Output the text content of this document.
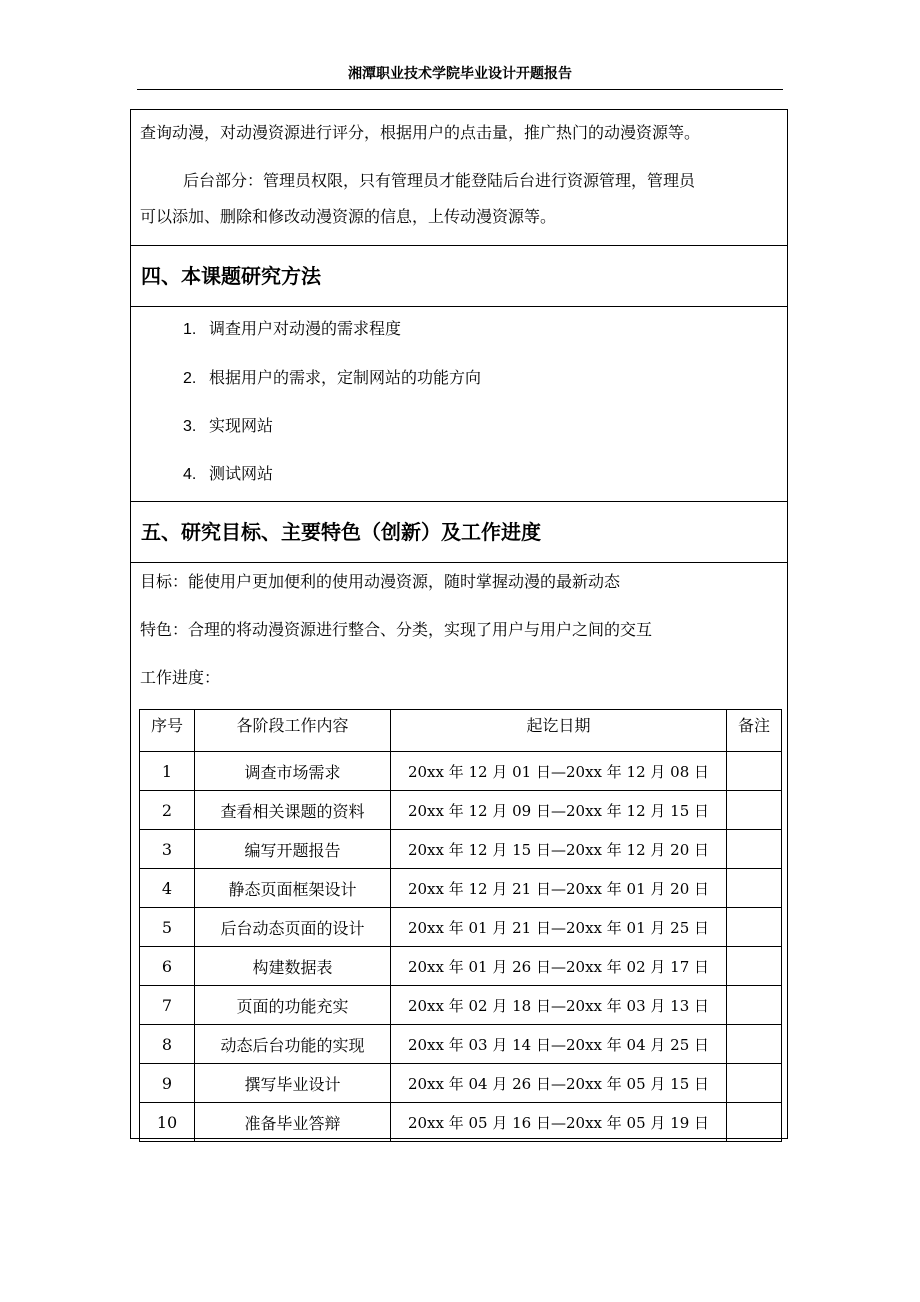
湘潭职业技术学院毕业设计开题报告
查询动漫，对动漫资源进行评分，根据用户的点击量，推广热门的动漫资源等。
后台部分：管理员权限，只有管理员才能登陆后台进行资源管理，管理员
可以添加、删除和修改动漫资源的信息，上传动漫资源等。
四、本课题研究方法
1. 调查用户对动漫的需求程度
2. 根据用户的需求，定制网站的功能方向
3. 实现网站
4. 测试网站
五、研究目标、主要特色（创新）及工作进度
目标：能使用户更加便利的使用动漫资源，随时掌握动漫的最新动态
特色：合理的将动漫资源进行整合、分类，实现了用户与用户之间的交互
工作进度：
序号	各阶段工作内容	起讫日期	备注
1	调查市场需求	20xx 年 12 月 01 日—20xx 年 12 月 08 日	
2	查看相关课题的资料	20xx 年 12 月 09 日—20xx 年 12 月 15 日	
3	编写开题报告	20xx 年 12 月 15 日—20xx 年 12 月 20 日	
4	静态页面框架设计	20xx 年 12 月 21 日—20xx 年 01 月 20 日	
5	后台动态页面的设计	20xx 年 01 月 21 日—20xx 年 01 月 25 日	
6	构建数据表	20xx 年 01 月 26 日—20xx 年 02 月 17 日	
7	页面的功能充实	20xx 年 02 月 18 日—20xx 年 03 月 13 日	
8	动态后台功能的实现	20xx 年 03 月 14 日—20xx 年 04 月 25 日	
9	撰写毕业设计	20xx 年 04 月 26 日—20xx 年 05 月 15 日	
10	准备毕业答辩	20xx 年 05 月 16 日—20xx 年 05 月 19 日	
